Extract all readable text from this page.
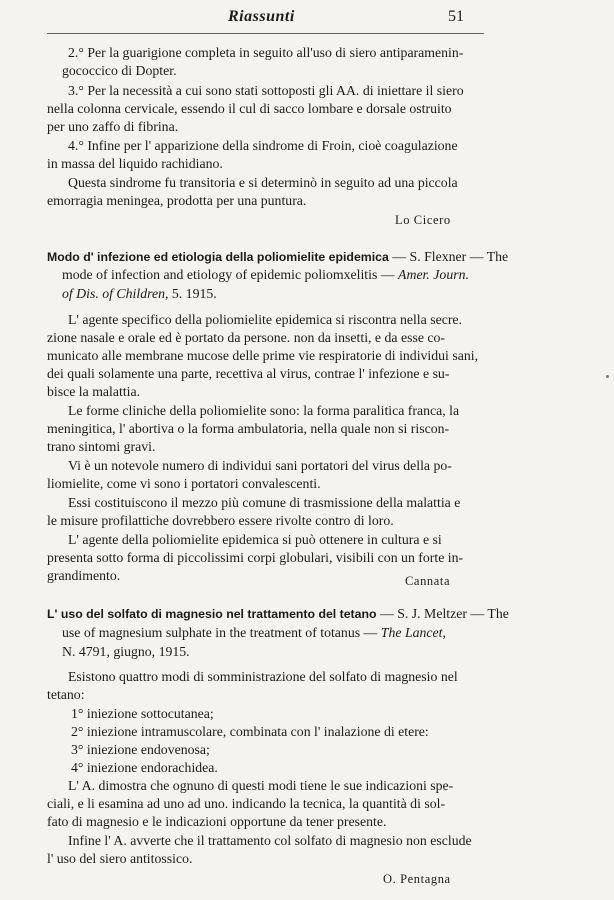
Riassunti	51
2.° Per la guarigione completa in seguito all'uso di siero antiparamenin-
gococcico di Dopter.
3.° Per la necessità a cui sono stati sottoposti gli AA. di iniettare il siero
nella colonna cervicale, essendo il cul di sacco lombare e dorsale ostruito
per uno zaffo di fibrina.
4.° Infine per l' apparizione della sindrome di Froin, cioè coagulazione
in massa del liquido rachidiano.
Questa sindrome fu transitoria e si determinò in seguito ad una piccola
emorragia meningea, prodotta per una puntura.
Lo Cicero
Modo d' infezione ed etiologia della poliomielite epidemica — S. Flexner — The
mode of infection and etiology of epidemic poliomxelitis — Amer. Journ.
of Dis. of Children, 5. 1915.
L' agente specifico della poliomielite epidemica si riscontra nella secre.
zione nasale e orale ed è portato da persone. non da insetti, e da esse co-
municato alle membrane mucose delle prime vie respiratorie di individui sani,
dei quali solamente una parte, recettiva al virus, contrae l' infezione e su-
bisce la malattia.
Le forme cliniche della poliomielite sono: la forma paralitica franca, la
meningitica, l' abortiva o la forma ambulatoria, nella quale non si riscon-
trano sintomi gravi.
Vi è un notevole numero di individui sani portatori del virus della po-
liomielite, come vi sono i portatori convalescenti.
Essi costituiscono il mezzo più comune di trasmissione della malattia e
le misure profilattiche dovrebbero essere rivolte contro di loro.
L' agente della poliomielite epidemica si può ottenere in cultura e si
presenta sotto forma di piccolissimi corpi globulari, visibili con un forte in-
grandimento.	Cannata
L' uso del solfato di magnesio nel trattamento del tetano — S. J. Meltzer — The
use of magnesium sulphate in the treatment of totanus — The Lancet,
N. 4791, giugno, 1915.
Esistono quattro modi di somministrazione del solfato di magnesio nel
tetano:
1° iniezione sottocutanea;
2° iniezione intramuscolare, combinata con l' inalazione di etere:
3° iniezione endovenosa;
4° iniezione endorachidea.
L' A. dimostra che ognuno di questi modi tiene le sue indicazioni spe-
ciali, e li esamina ad uno ad uno. indicando la tecnica, la quantità di sol-
fato di magnesio e le indicazioni opportune da tener presente.
Infine l' A. avverte che il trattamento col solfato di magnesio non esclude
l' uso del siero antitossico.
O. Pentagna
